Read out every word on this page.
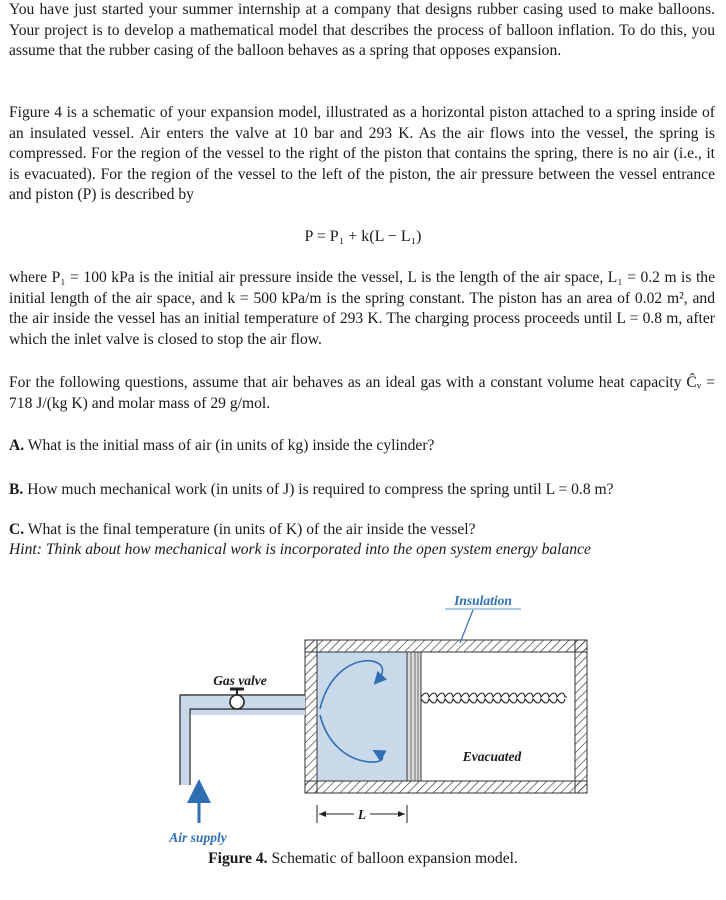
You have just started your summer internship at a company that designs rubber casing used to make balloons. Your project is to develop a mathematical model that describes the process of balloon inflation. To do this, you assume that the rubber casing of the balloon behaves as a spring that opposes expansion.

Figure 4 is a schematic of your expansion model, illustrated as a horizontal piston attached to a spring inside of an insulated vessel. Air enters the valve at 10 bar and 293 K. As the air flows into the vessel, the spring is compressed. For the region of the vessel to the right of the piston that contains the spring, there is no air (i.e., it is evacuated). For the region of the vessel to the left of the piston, the air pressure between the vessel entrance and piston (P) is described by

P = P₁ + k(L − L₁)

where P₁ = 100 kPa is the initial air pressure inside the vessel, L is the length of the air space, L₁ = 0.2 m is the initial length of the air space, and k = 500 kPa/m is the spring constant. The piston has an area of 0.02 m², and the air inside the vessel has an initial temperature of 293 K. The charging process proceeds until L = 0.8 m, after which the inlet valve is closed to stop the air flow.

For the following questions, assume that air behaves as an ideal gas with a constant volume heat capacity Ĉᵥ = 718 J/(kg K) and molar mass of 29 g/mol.

A. What is the initial mass of air (in units of kg) inside the cylinder?
B. How much mechanical work (in units of J) is required to compress the spring until L = 0.8 m?
C. What is the final temperature (in units of K) of the air inside the vessel?
Hint: Think about how mechanical work is incorporated into the open system energy balance
Insulation
Gas valve
Evacuated
Air supply
L
Figure 4. Schematic of balloon expansion model.
